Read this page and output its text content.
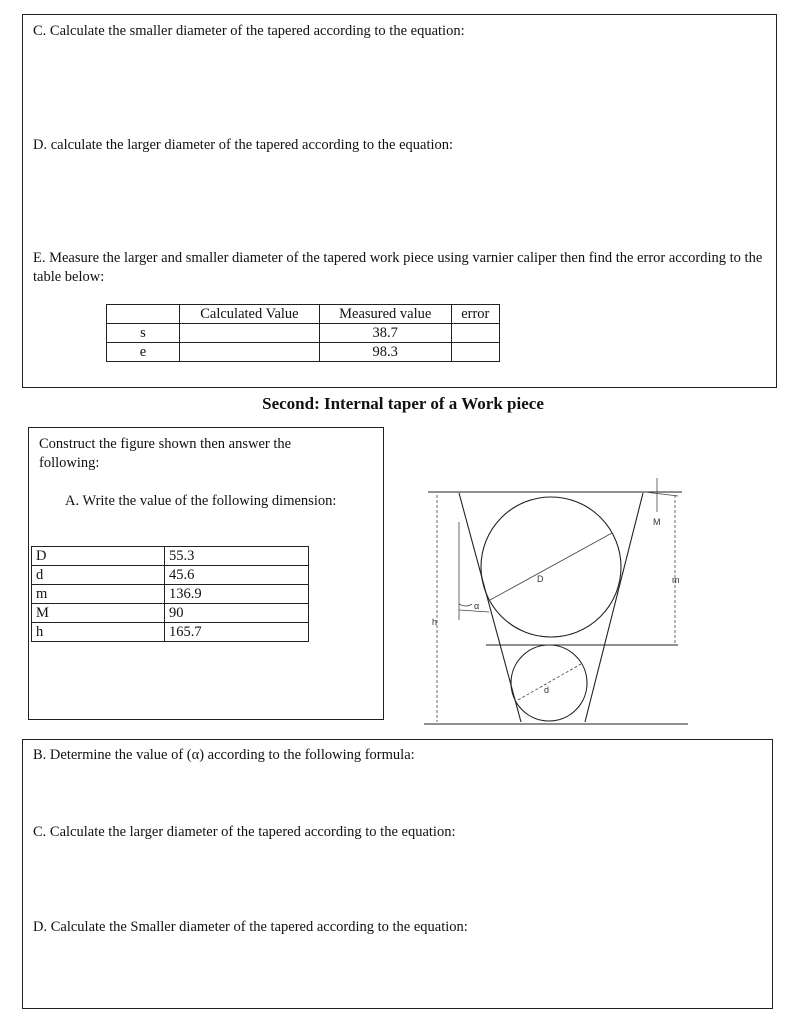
C. Calculate the smaller diameter of the tapered according to the equation:

D. calculate the larger diameter of the tapered according to the equation:

E. Measure the larger and smaller diameter of the tapered work piece using varnier caliper then find the error according to the table below:

	Calculated Value	Measured value	error
s		38.7	
e		98.3	
Second: Internal taper of a Work piece

Construct the figure shown then answer the following:

A. Write the value of the following dimension:

D	55.3
d	45.6
m	136.9
M	90
h	165.7
D
d
h
m
M
α

B. Determine the value of (α) according to the following formula:

C. Calculate the larger diameter of the tapered according to the equation:

D. Calculate the Smaller diameter of the tapered according to the equation:
